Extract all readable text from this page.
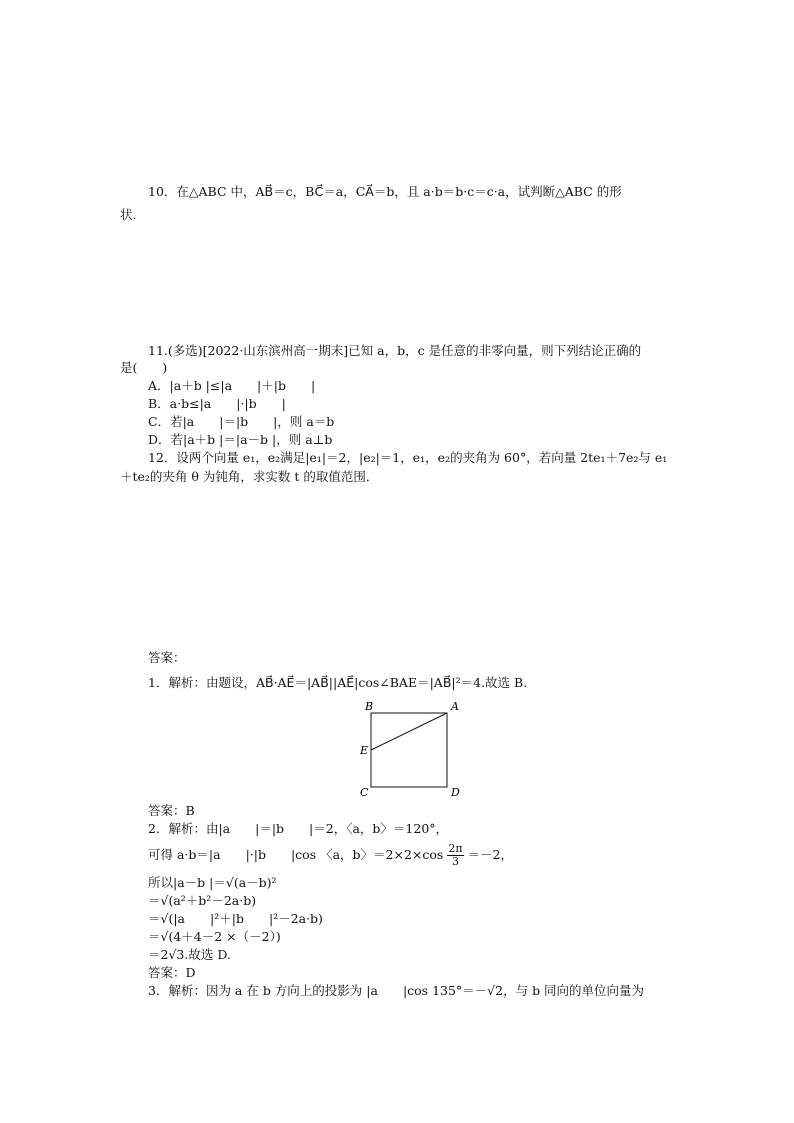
10．在△ABC 中，AB⃗＝c，BC⃗＝a，CA⃗＝b，且 a·b＝b·c＝c·a，试判断△ABC 的形
状．
11.(多选)[2022·山东滨州高一期末]已知 a，b，c 是任意的非零向量，则下列结论正确的
是(　　)
A．|a＋b |≤|a　　|＋|b　　|
B．a·b≤|a　　|·|b　　|
C．若|a　　|＝|b　　|，则 a＝b
D．若|a＋b |＝|a－b |，则 a⊥b
12．设两个向量 e₁，e₂满足|e₁|＝2，|e₂|＝1，e₁，e₂的夹角为 60°，若向量 2te₁＋7e₂与 e₁
＋te₂的夹角 θ 为钝角，求实数 t 的取值范围．
答案：
1．解析：由题设，AB⃗·AE⃗＝|AB⃗||AE⃗|cos∠BAE＝|AB⃗|²＝4.故选 B.
B	A
E
C	D
答案：B
2．解析：由|a　　|＝|b　　|＝2，〈a，b〉＝120°，
可得 a·b＝|a　　|·|b　　|cos 〈a，b〉$=2\times 2\times\cos \frac{2\pi}{3} =-2$，
所以|a－b |＝√(a－b)²
＝√(a²＋b²－2a·b)
＝√(|a　　|²＋|b　　|²－2a·b)
＝√(4＋4－2 ×（－2）)
＝2√3.故选 D.
答案：D
3．解析：因为 a 在 b 方向上的投影为 |a　　|cos 135°＝－√2，与 b 同向的单位向量为
